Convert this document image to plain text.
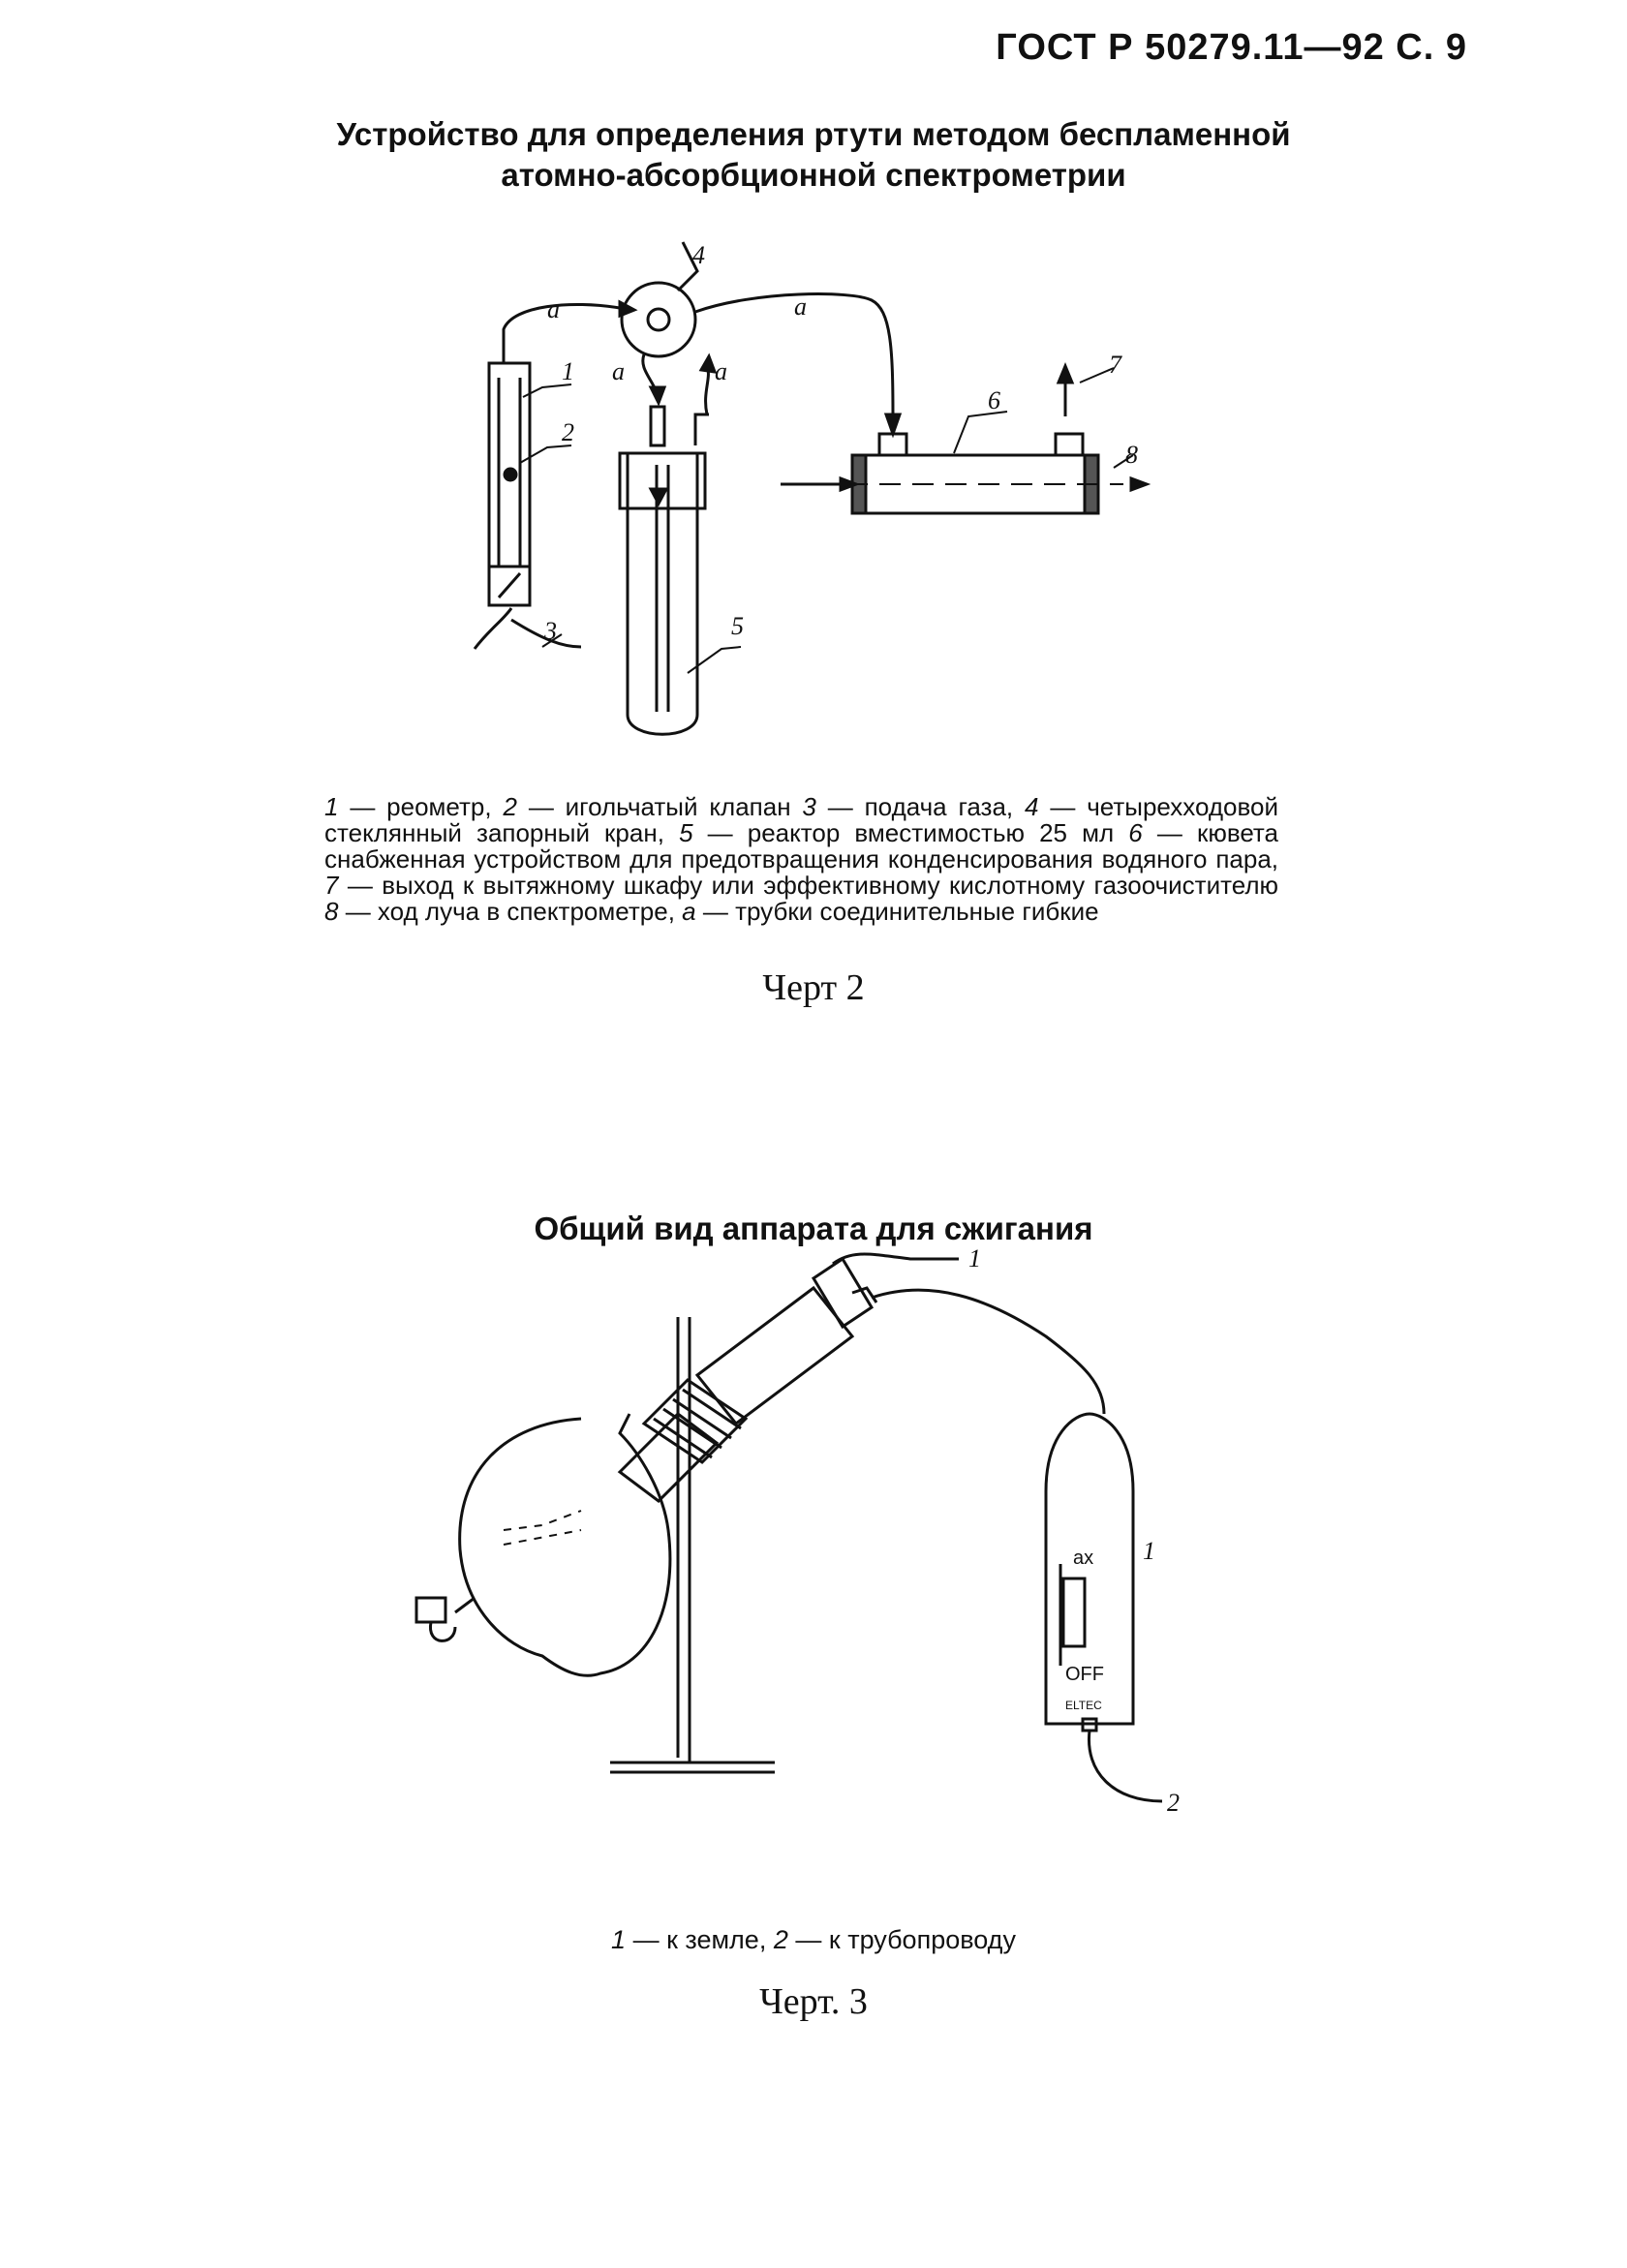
ГОСТ Р 50279.11—92 С. 9
Устройство для определения ртути методом беспламенной
атомно-абсорбционной спектрометрии
1
2
3
4
5
6
7
8
a	a
a	a

1 — реометр, 2 — игольчатый клапан 3 — подача газа, 4 — четырехходовой стеклянный запорный кран, 5 — реактор вместимостью 25 мл 6 — кювета снабженная устройством для предотвращения конденсирования водяного пара, 7 — выход к вытяжному шкафу или эффективному кислотному газоочистителю 8 — ход луча в спектрометре, a — трубки соединительные гибкие

Черт 2
Общий вид аппарата для сжигания
ax
OFF
ELTEC
1
1
2
1 — к земле, 2 — к трубопроводу
Черт. 3
